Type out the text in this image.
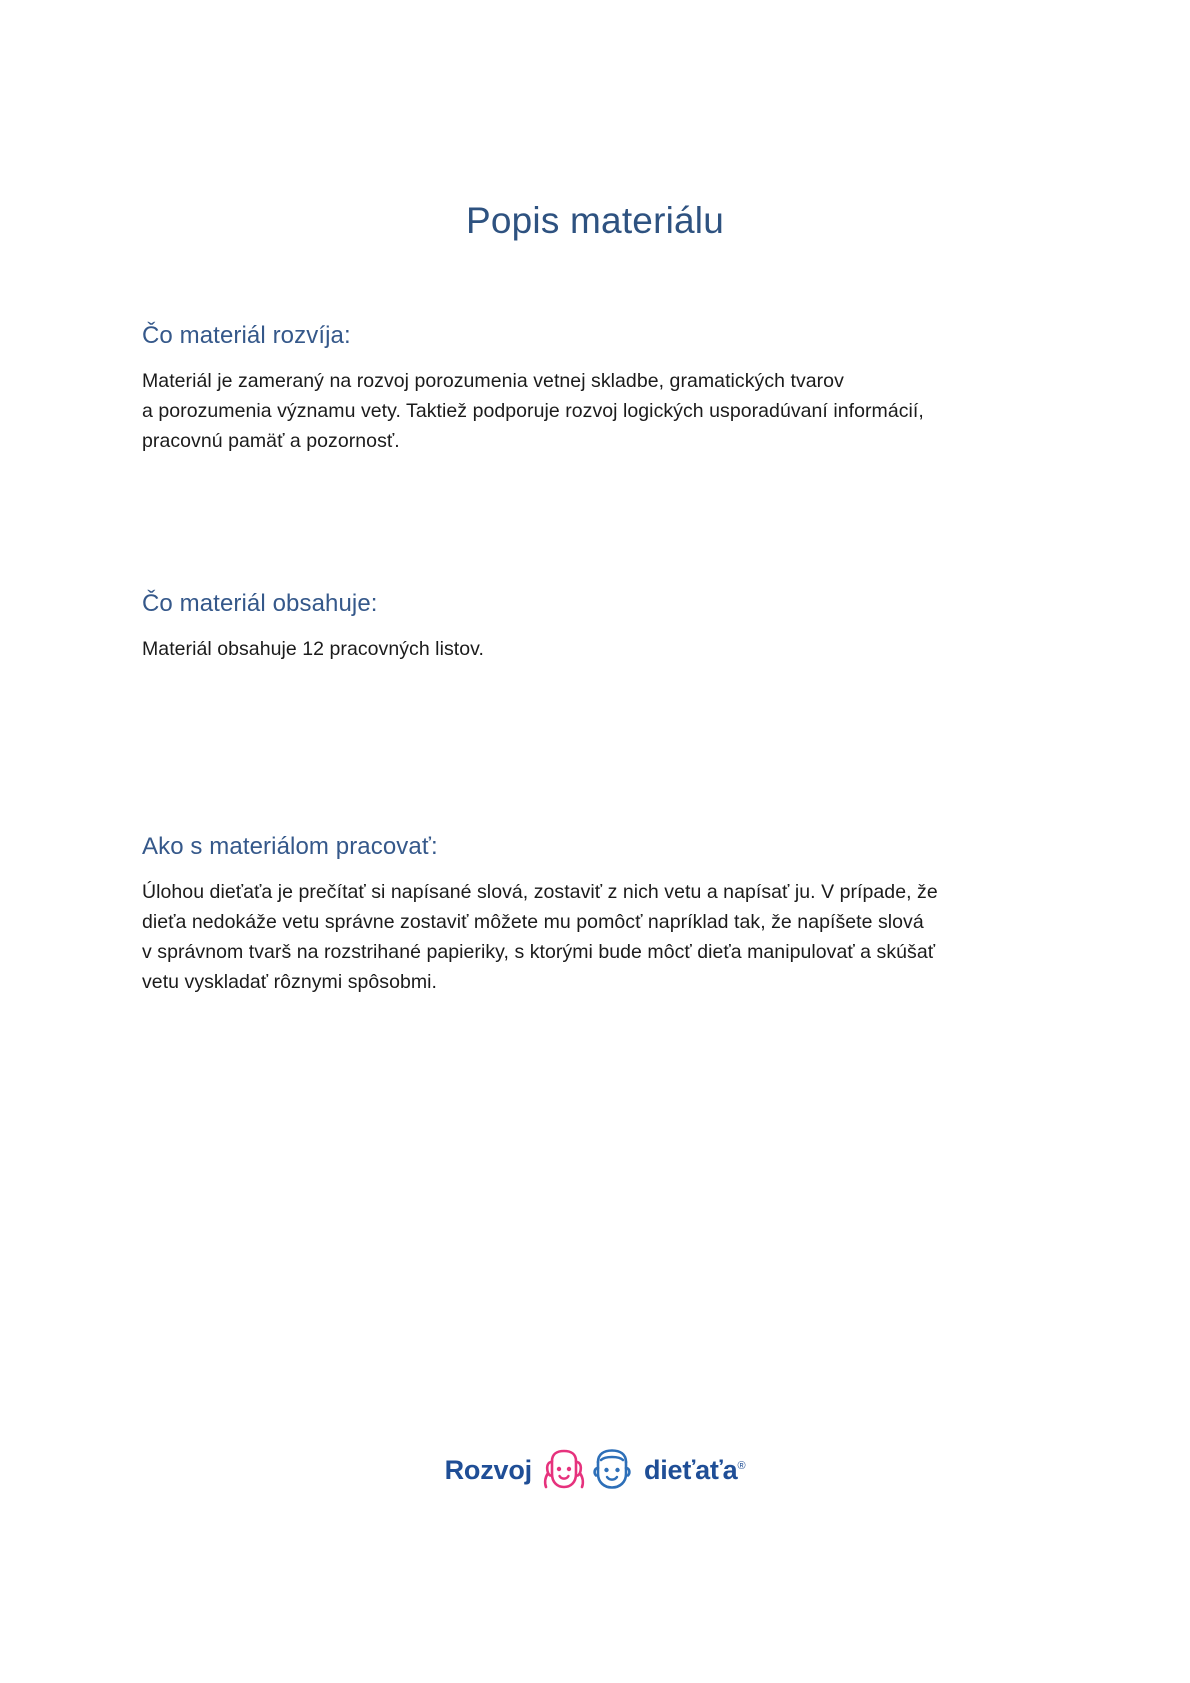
Popis materiálu
Čo materiál rozvíja:
Materiál je zameraný na rozvoj porozumenia vetnej skladbe, gramatických tvarov
a porozumenia významu vety. Taktiež podporuje rozvoj logických usporadúvaní informácií,
pracovnú pamäť a pozornosť.
Čo materiál obsahuje:
Materiál obsahuje 12 pracovných listov.
Ako s materiálom pracovať:
Úlohou dieťaťa je prečítať si napísané slová, zostaviť z nich vetu a napísať ju. V prípade, že
dieťa nedokáže vetu správne zostaviť môžete mu pomôcť napríklad tak, že napíšete slová
v správnom tvarš na rozstrihané papieriky, s ktorými bude môcť dieťa manipulovať a skúšať
vetu vyskladať rôznymi spôsobmi.
Rozvoj	dieťaťa®
